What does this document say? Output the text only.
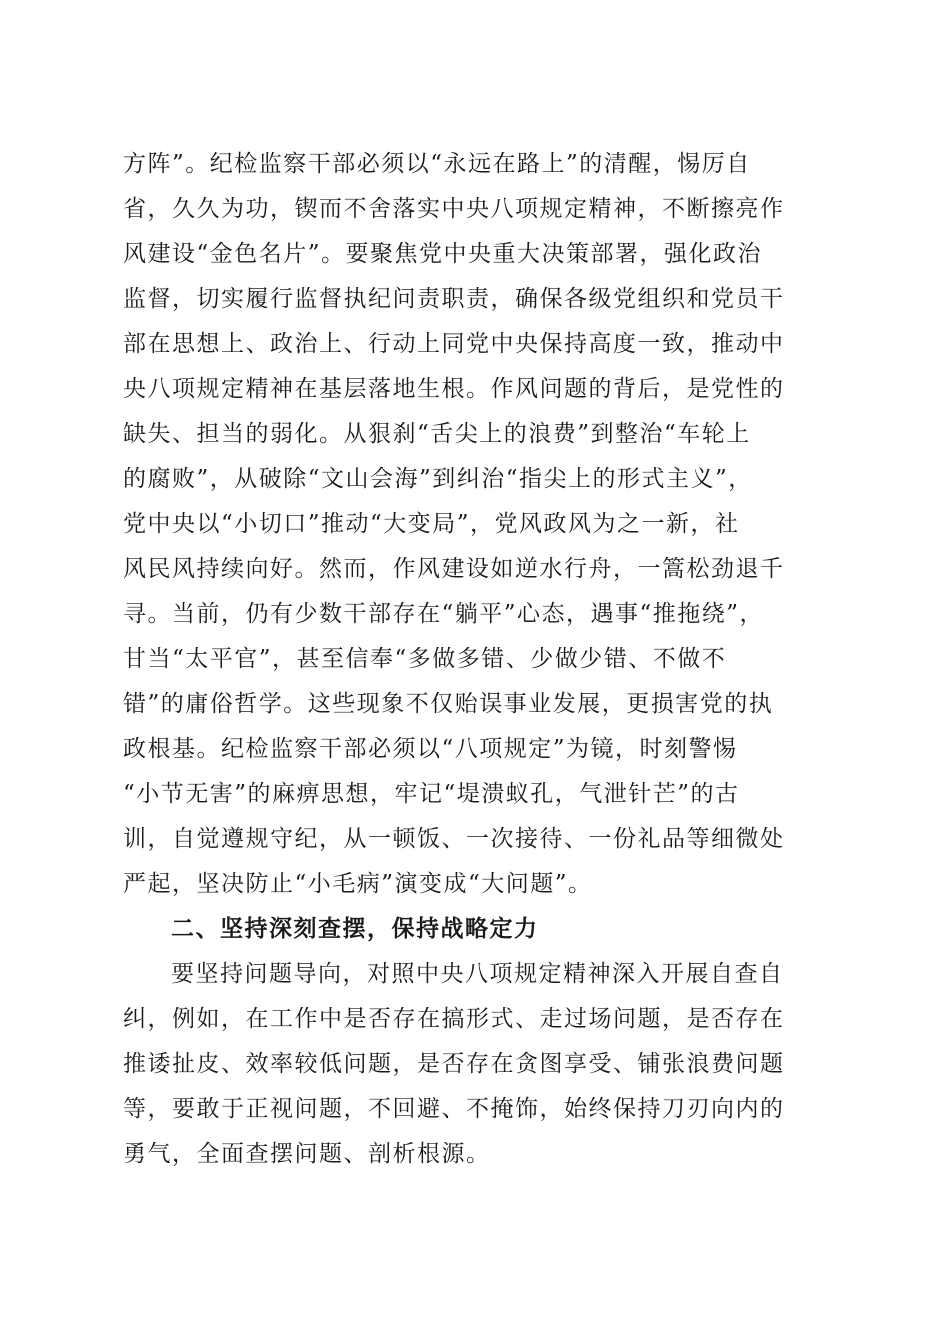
方阵”。纪检监察干部必须以“永远在路上”的清醒，惕厉自
省，久久为功，锲而不舍落实中央八项规定精神，不断擦亮作
风建设“金色名片”。要聚焦党中央重大决策部署，强化政治
监督，切实履行监督执纪问责职责，确保各级党组织和党员干
部在思想上、政治上、行动上同党中央保持高度一致，推动中
央八项规定精神在基层落地生根。作风问题的背后，是党性的
缺失、担当的弱化。从狠刹“舌尖上的浪费”到整治“车轮上
的腐败”，从破除“文山会海”到纠治“指尖上的形式主义”，
党中央以“小切口”推动“大变局”，党风政风为之一新，社
风民风持续向好。然而，作风建设如逆水行舟，一篙松劲退千
寻。当前，仍有少数干部存在“躺平”心态，遇事“推拖绕”，
甘当“太平官”，甚至信奉“多做多错、少做少错、不做不
错”的庸俗哲学。这些现象不仅贻误事业发展，更损害党的执
政根基。纪检监察干部必须以“八项规定”为镜，时刻警惕
“小节无害”的麻痹思想，牢记“堤溃蚁孔，气泄针芒”的古
训，自觉遵规守纪，从一顿饭、一次接待、一份礼品等细微处
严起，坚决防止“小毛病”演变成“大问题”。
二、坚持深刻查摆，保持战略定力
要坚持问题导向，对照中央八项规定精神深入开展自查自
纠，例如，在工作中是否存在搞形式、走过场问题，是否存在
推诿扯皮、效率较低问题，是否存在贪图享受、铺张浪费问题
等，要敢于正视问题，不回避、不掩饰，始终保持刀刃向内的
勇气，全面查摆问题、剖析根源。
